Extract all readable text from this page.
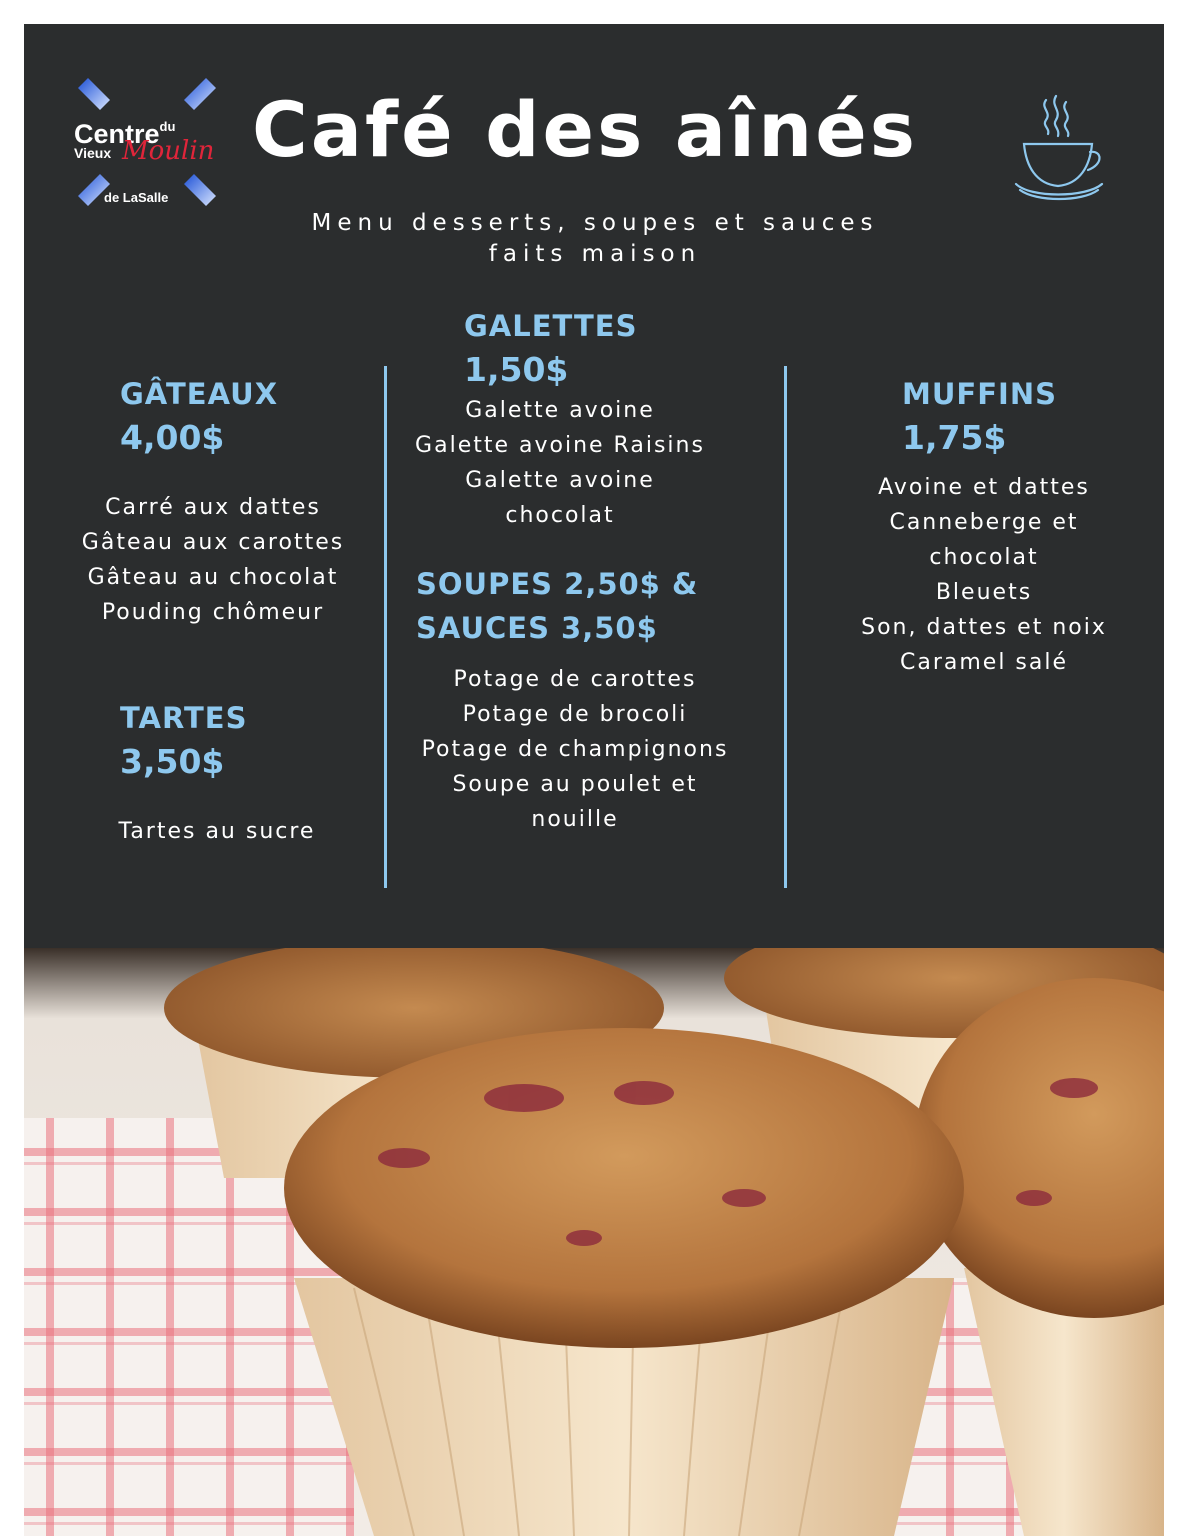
Centre$^{du}$
Vieux Moulin
de LaSalle
Café des aînés
Menu desserts, soupes et sauces
faits maison
GÂTEAUX
4,00$
Carré aux dattes
Gâteau aux carottes
Gâteau au chocolat
Pouding chômeur
TARTES
3,50$
Tartes au sucre
GALETTES
1,50$
Galette avoine
Galette avoine Raisins
Galette avoine
chocolat
SOUPES 2,50$ &
SAUCES 3,50$
Potage de carottes
Potage de brocoli
Potage de champignons
Soupe au poulet et
nouille
MUFFINS
1,75$
Avoine et dattes
Canneberge et
chocolat
Bleuets
Son, dattes et noix
Caramel salé
